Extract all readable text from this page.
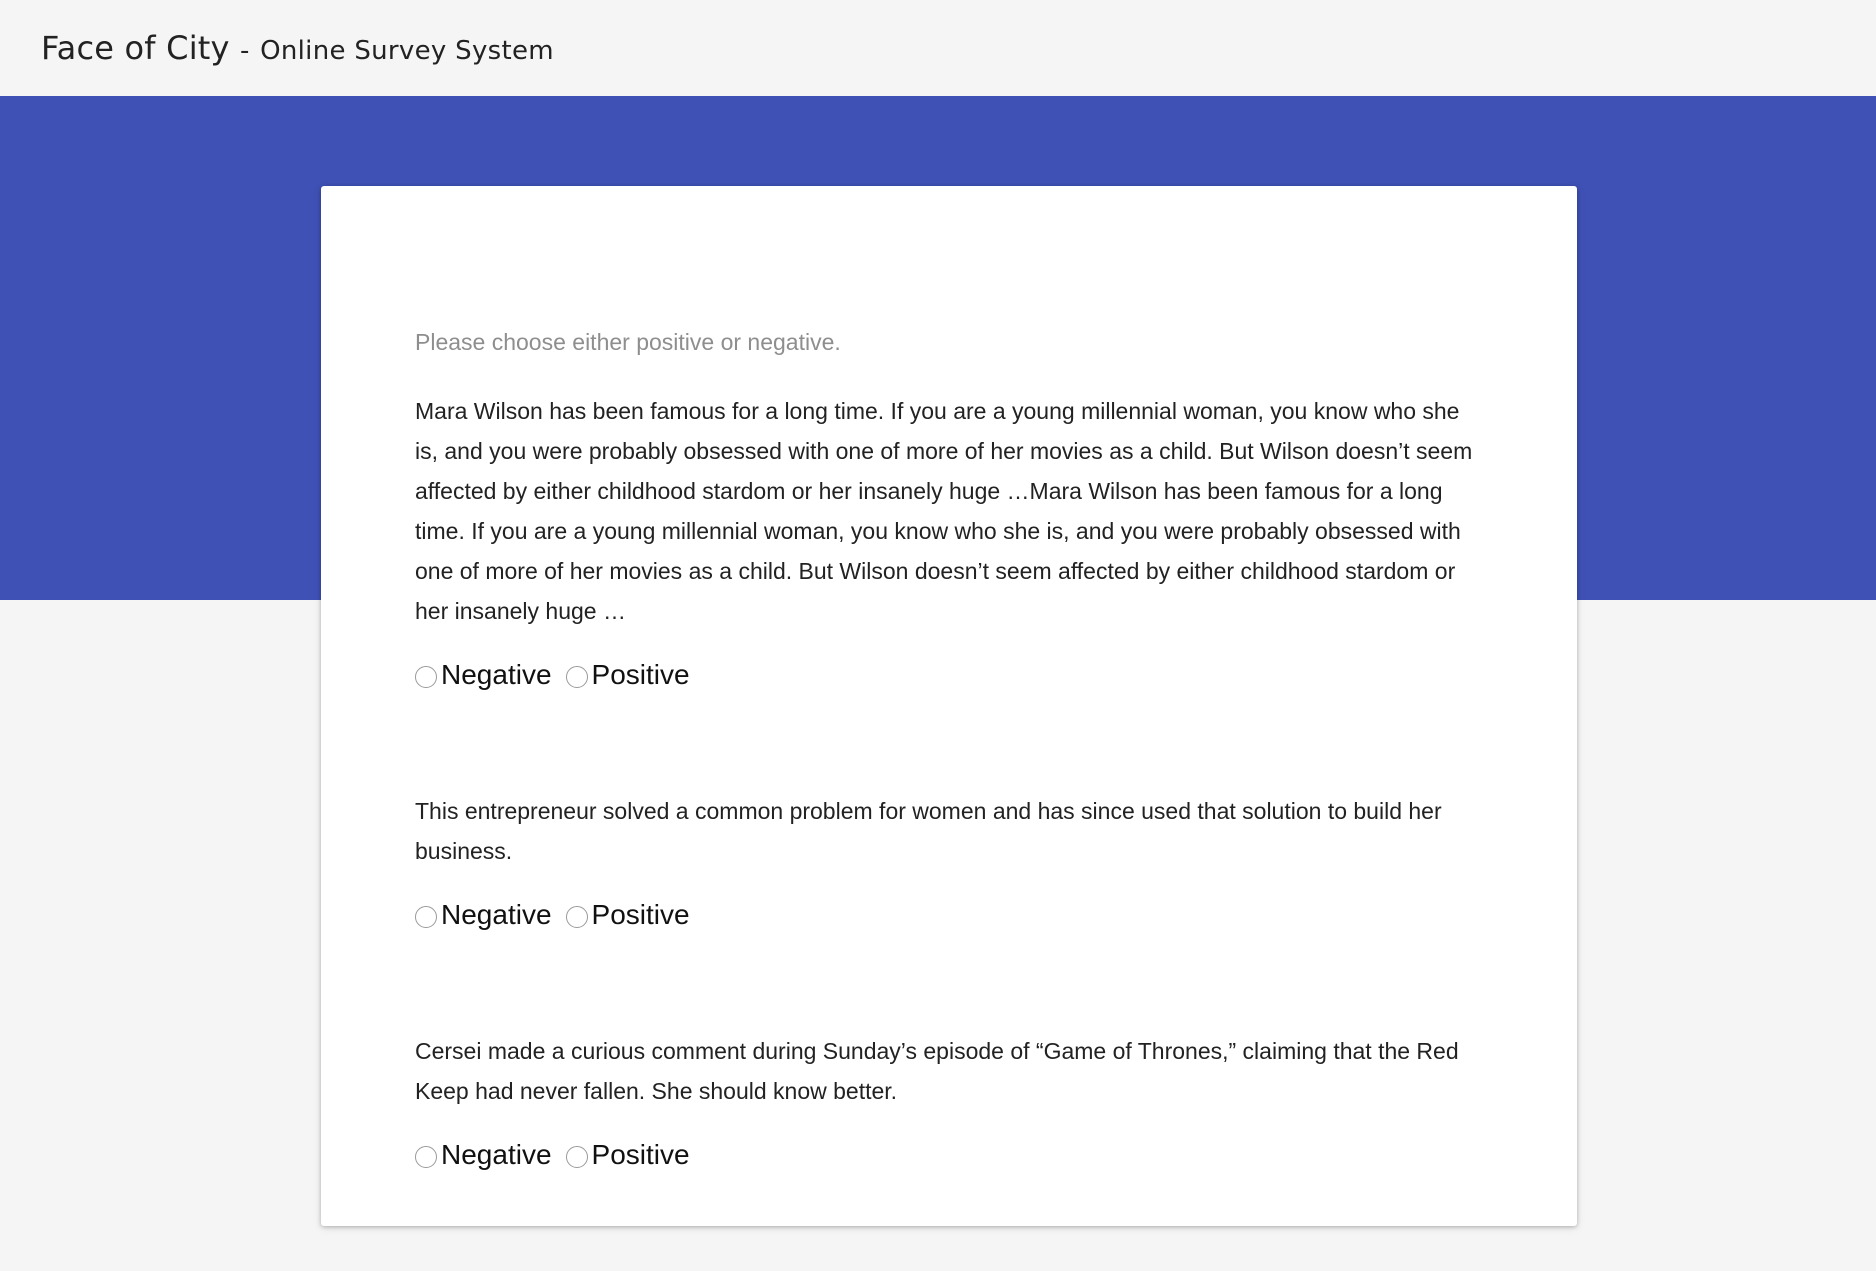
Face of City - Online Survey System

Please choose either positive or negative.

Mara Wilson has been famous for a long time. If you are a young millennial woman, you know who she is, and you were probably obsessed with one of more of her movies as a child. But Wilson doesn’t seem affected by either childhood stardom or her insanely huge …Mara Wilson has been famous for a long time. If you are a young millennial woman, you know who she is, and you were probably obsessed with one of more of her movies as a child. But Wilson doesn’t seem affected by either childhood stardom or her insanely huge …

Negative Positive

This entrepreneur solved a common problem for women and has since used that solution to build her business.

Negative Positive

Cersei made a curious comment during Sunday’s episode of “Game of Thrones,” claiming that the Red Keep had never fallen. She should know better.

Negative Positive
